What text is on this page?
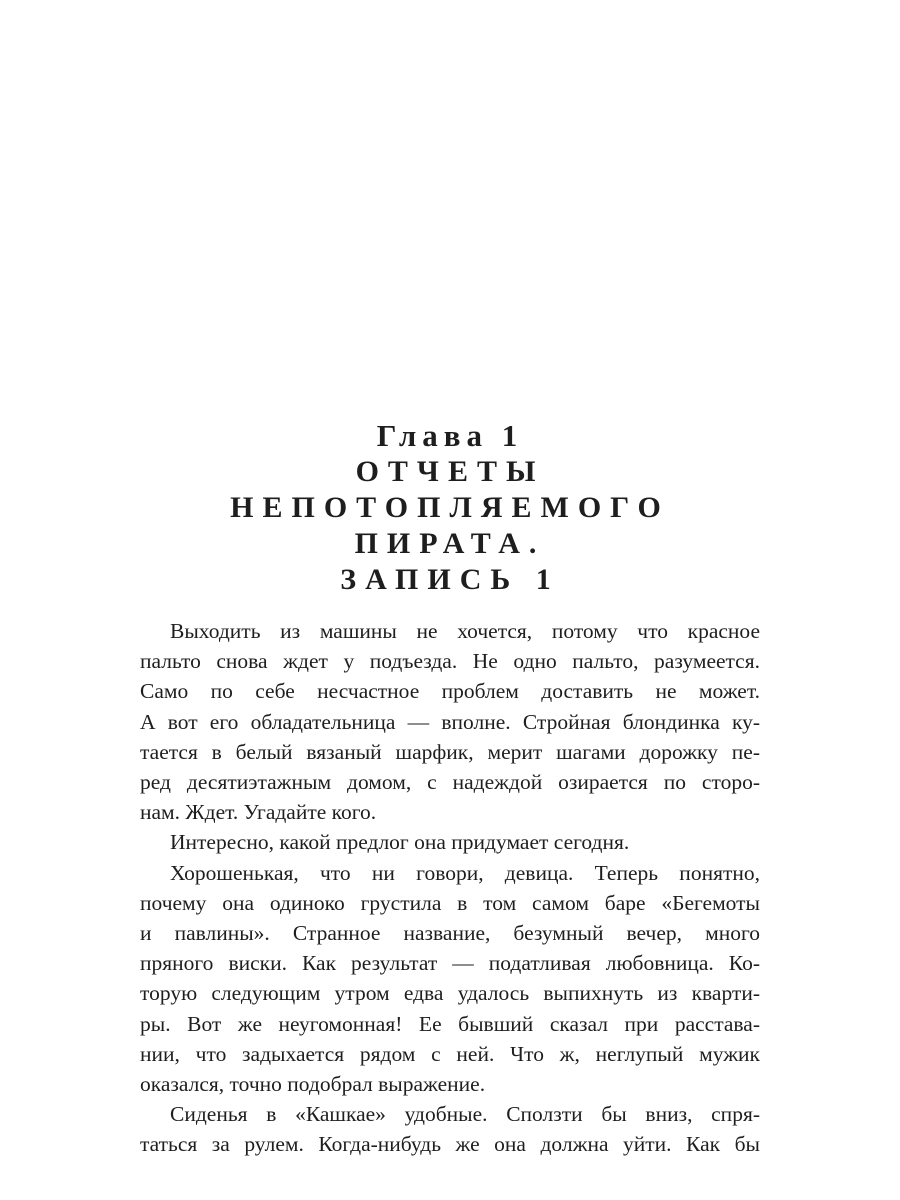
Глава 1
ОТЧЕТЫ
НЕПОТОПЛЯЕМОГО
ПИРАТА.
ЗАПИСЬ 1
Выходить из машины не хочется, потому что красное
пальто снова ждет у подъезда. Не одно пальто, разумеется.
Само по себе несчастное проблем доставить не может.
А вот его обладательница — вполне. Стройная блондинка ку-
тается в белый вязаный шарфик, мерит шагами дорожку пе-
ред десятиэтажным домом, с надеждой озирается по сторо-
нам. Ждет. Угадайте кого.
Интересно, какой предлог она придумает сегодня.
Хорошенькая, что ни говори, девица. Теперь понятно,
почему она одиноко грустила в том самом баре «Бегемоты
и павлины». Странное название, безумный вечер, много
пряного виски. Как результат — податливая любовница. Ко-
торую следующим утром едва удалось выпихнуть из кварти-
ры. Вот же неугомонная! Ее бывший сказал при расстава-
нии, что задыхается рядом с ней. Что ж, неглупый мужик
оказался, точно подобрал выражение.
Сиденья в «Кашкае» удобные. Сползти бы вниз, спря-
таться за рулем. Когда-нибудь же она должна уйти. Как бы
